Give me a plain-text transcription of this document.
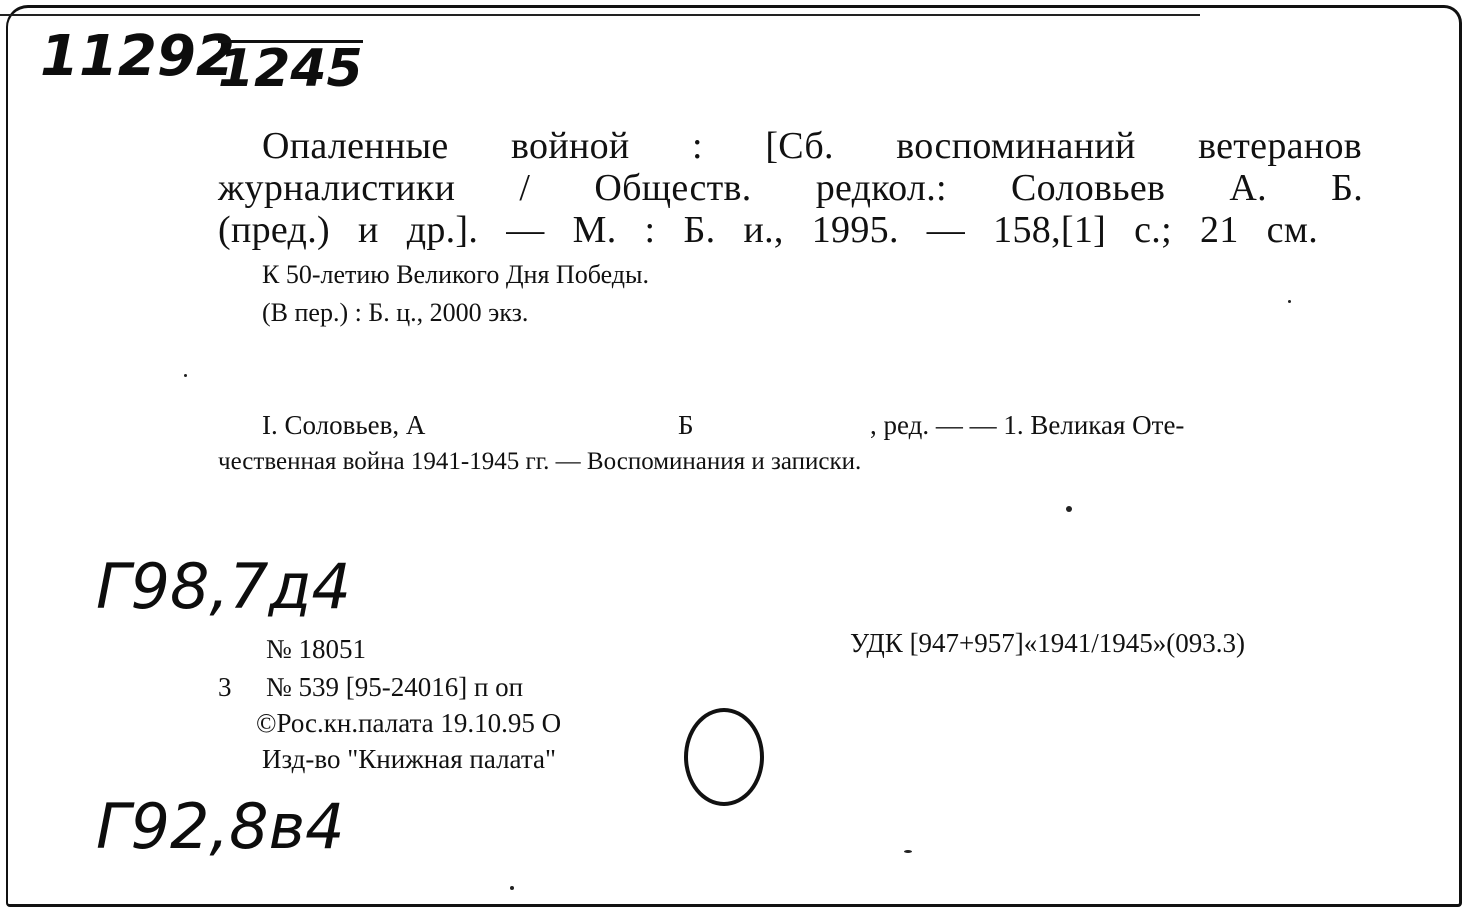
11292
1245
Опаленные войной : [Сб. воспоминаний ветеранов
журналистики / Обществ. редкол.: Соловьев А. Б.
(пред.) и др.]. — М. : Б. и., 1995. — 158,[1] с.; 21 см.
К 50-летию Великого Дня Победы.
(В пер.) : Б. ц., 2000 экз.
I. Соловьев, А	Б	, ред. — — 1. Великая Оте-
чественная война 1941-1945 гг. — Воспоминания и записки.
Г98,7д4
Г92,8в4
№ 18051	УДК [947+957]«1941/1945»(093.3)
3 № 539 [95-24016] п оп
©Рос.кн.палата 19.10.95 О
Изд-во "Книжная палата"
